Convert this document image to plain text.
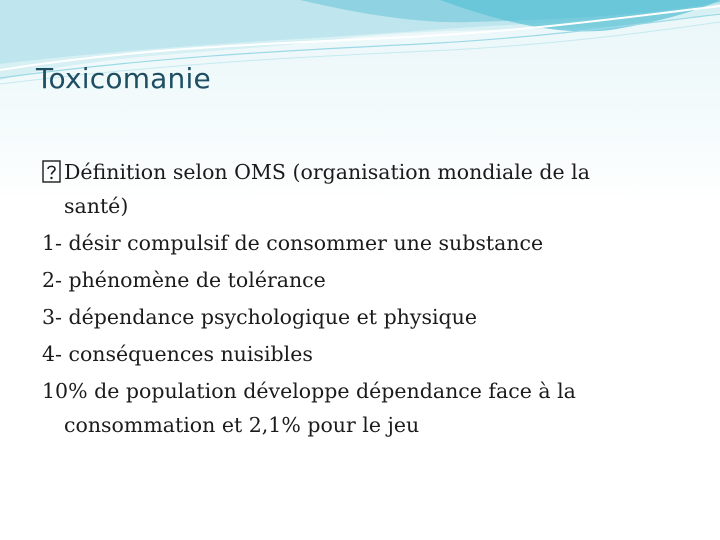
Toxicomanie
Définition selon OMS (organisation mondiale de la
santé)
1- désir compulsif de consommer une substance
2- phénomène de tolérance
3- dépendance psychologique et physique
4- conséquences nuisibles
10% de population développe dépendance face à la
consommation et 2,1% pour le jeu
